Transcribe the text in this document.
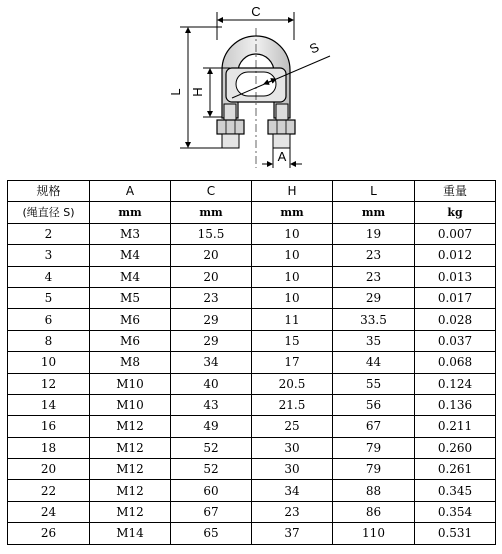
C
S
L H
A
规格	A	C	H	L	重量
(绳直径 S)	mm	mm	mm	mm	kg
2	M3	15.5	10	19	0.007
3	M4	20	10	23	0.012
4	M4	20	10	23	0.013
5	M5	23	10	29	0.017
6	M6	29	11	33.5	0.028
8	M6	29	15	35	0.037
10	M8	34	17	44	0.068
12	M10	40	20.5	55	0.124
14	M10	43	21.5	56	0.136
16	M12	49	25	67	0.211
18	M12	52	30	79	0.260
20	M12	52	30	79	0.261
22	M12	60	34	88	0.345
24	M12	67	23	86	0.354
26	M14	65	37	110	0.531
